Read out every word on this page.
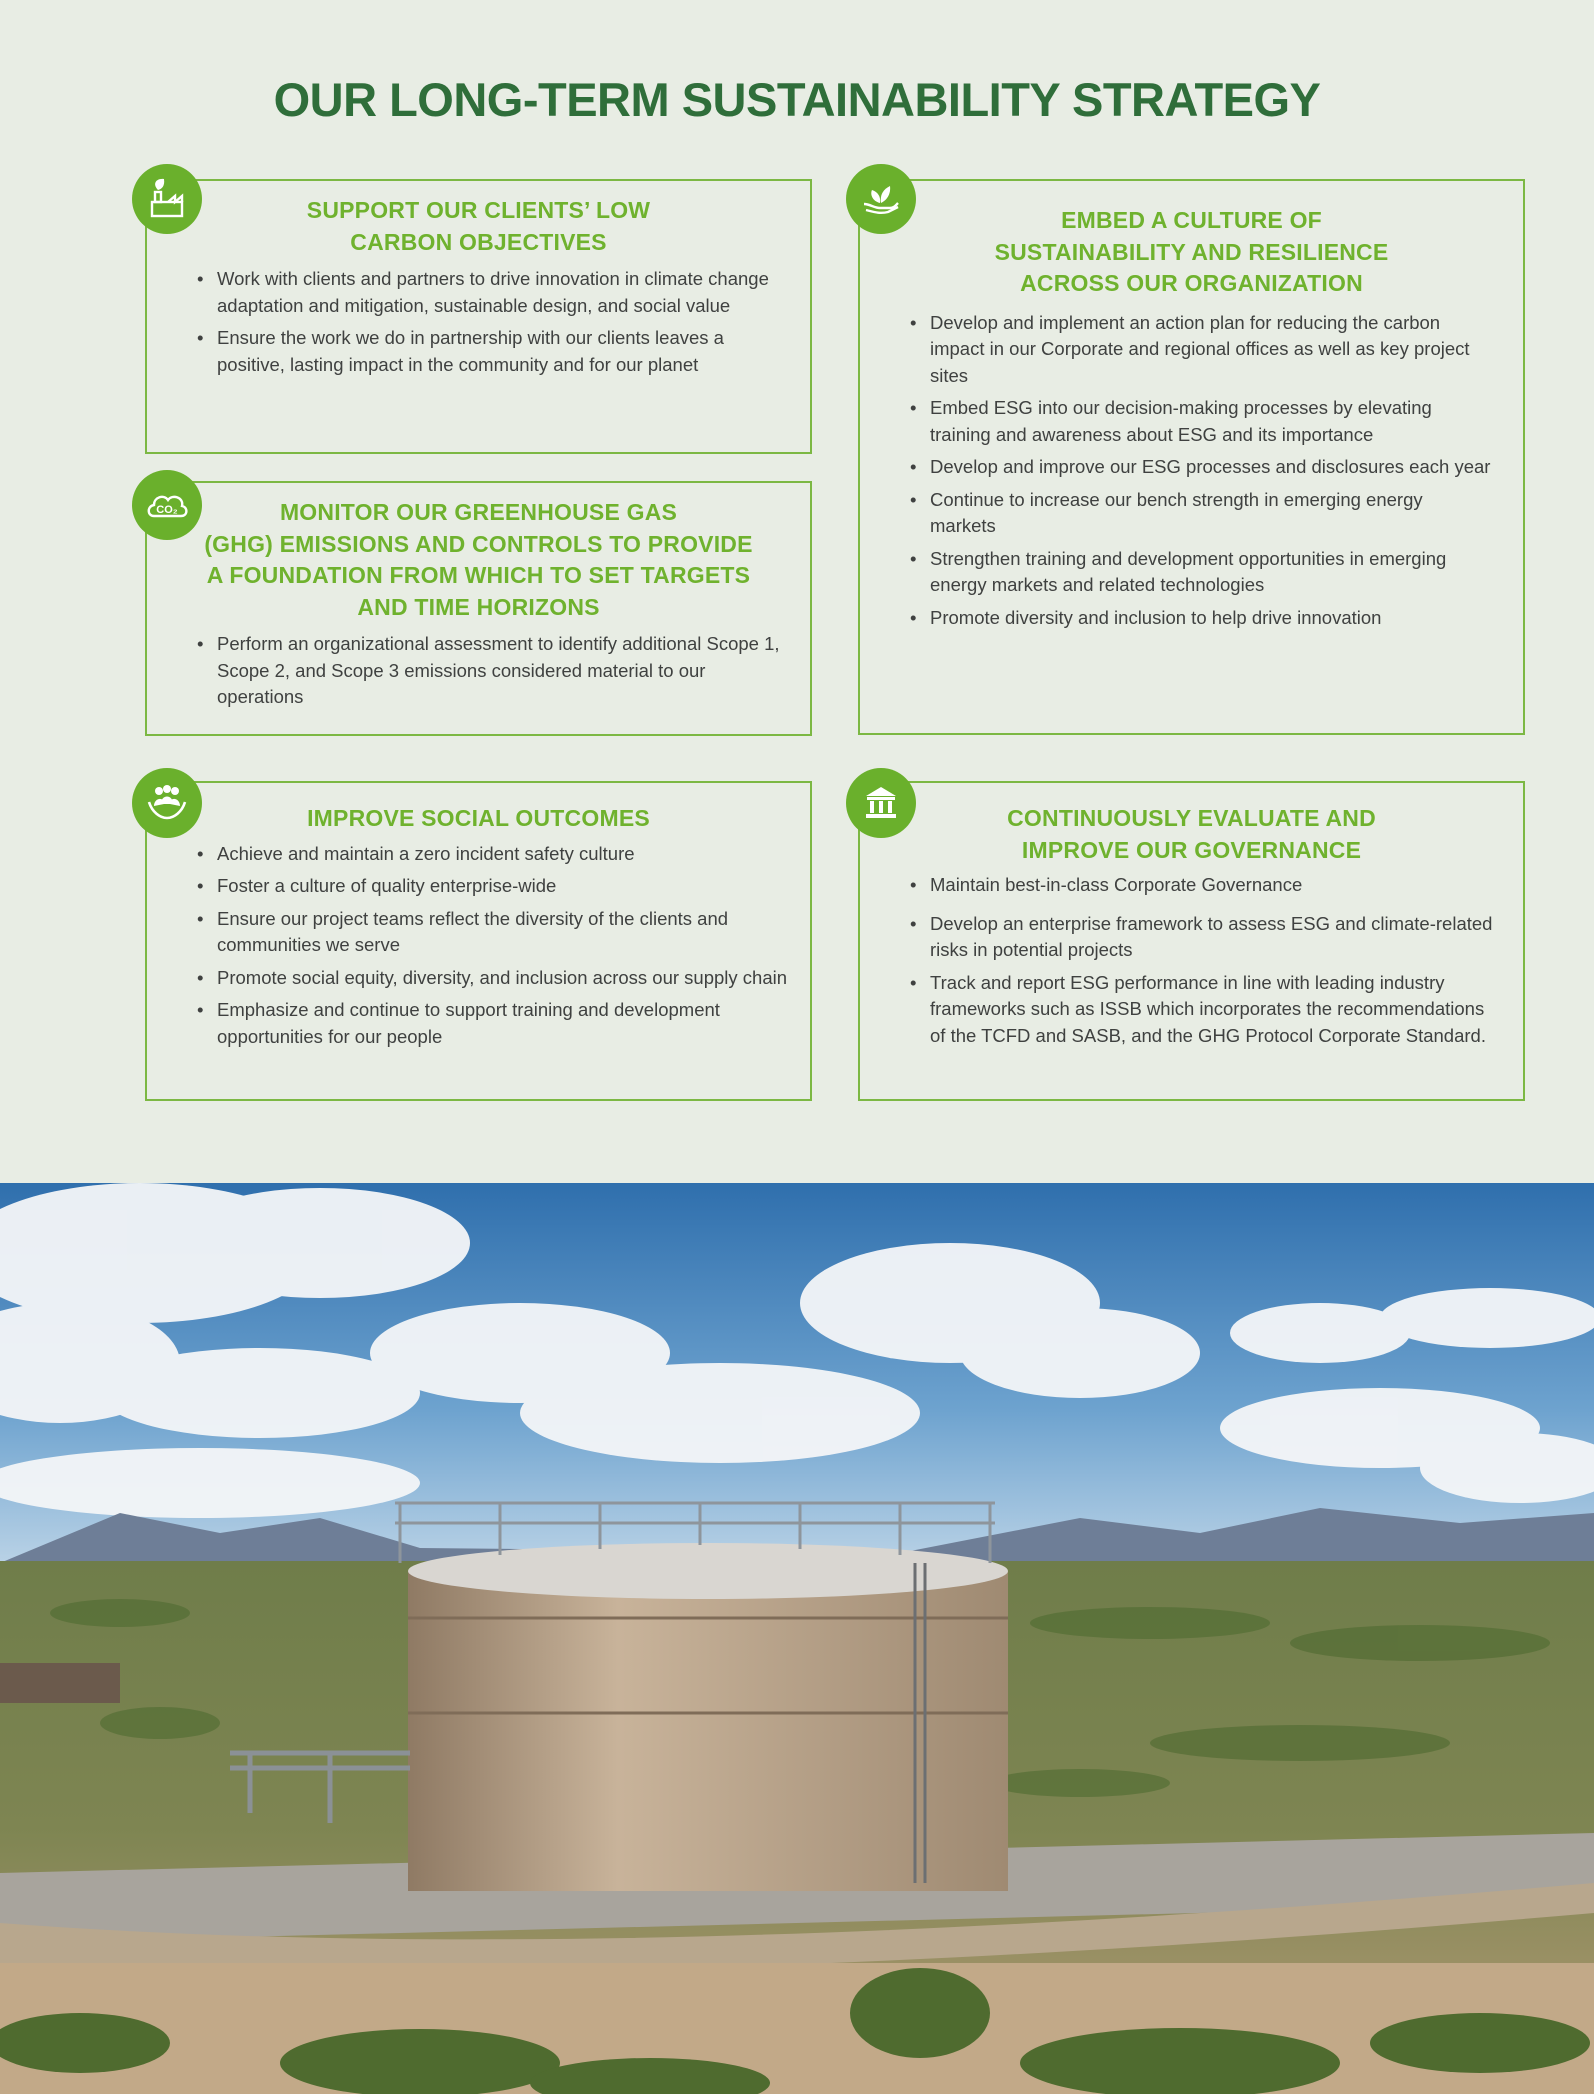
OUR LONG-TERM SUSTAINABILITY STRATEGY
SUPPORT OUR CLIENTS’ LOW
CARBON OBJECTIVES
• Work with clients and partners to drive innovation in climate change adaptation and mitigation, sustainable design, and social value
• Ensure the work we do in partnership with our clients leaves a positive, lasting impact in the community and for our planet
MONITOR OUR GREENHOUSE GAS
(GHG) EMISSIONS AND CONTROLS TO PROVIDE
A FOUNDATION FROM WHICH TO SET TARGETS
AND TIME HORIZONS
• Perform an organizational assessment to identify additional Scope 1, Scope 2, and Scope 3 emissions considered material to our operations
CO₂
EMBED A CULTURE OF
SUSTAINABILITY AND RESILIENCE
ACROSS OUR ORGANIZATION
• Develop and implement an action plan for reducing the carbon impact in our Corporate and regional offices as well as key project sites
• Embed ESG into our decision-making processes by elevating training and awareness about ESG and its importance
• Develop and improve our ESG processes and disclosures each year
• Continue to increase our bench strength in emerging energy markets
• Strengthen training and development opportunities in emerging energy markets and related technologies
• Promote diversity and inclusion to help drive innovation
IMPROVE SOCIAL OUTCOMES
• Achieve and maintain a zero incident safety culture
• Foster a culture of quality enterprise-wide
• Ensure our project teams reflect the diversity of the clients and communities we serve
• Promote social equity, diversity, and inclusion across our supply chain
• Emphasize and continue to support training and development opportunities for our people
CONTINUOUSLY EVALUATE AND
IMPROVE OUR GOVERNANCE
• Maintain best-in-class Corporate Governance
• Develop an enterprise framework to assess ESG and climate-related risks in potential projects
• Track and report ESG performance in line with leading industry frameworks such as ISSB which incorporates the recommendations of the TCFD and SASB, and the GHG Protocol Corporate Standard.
